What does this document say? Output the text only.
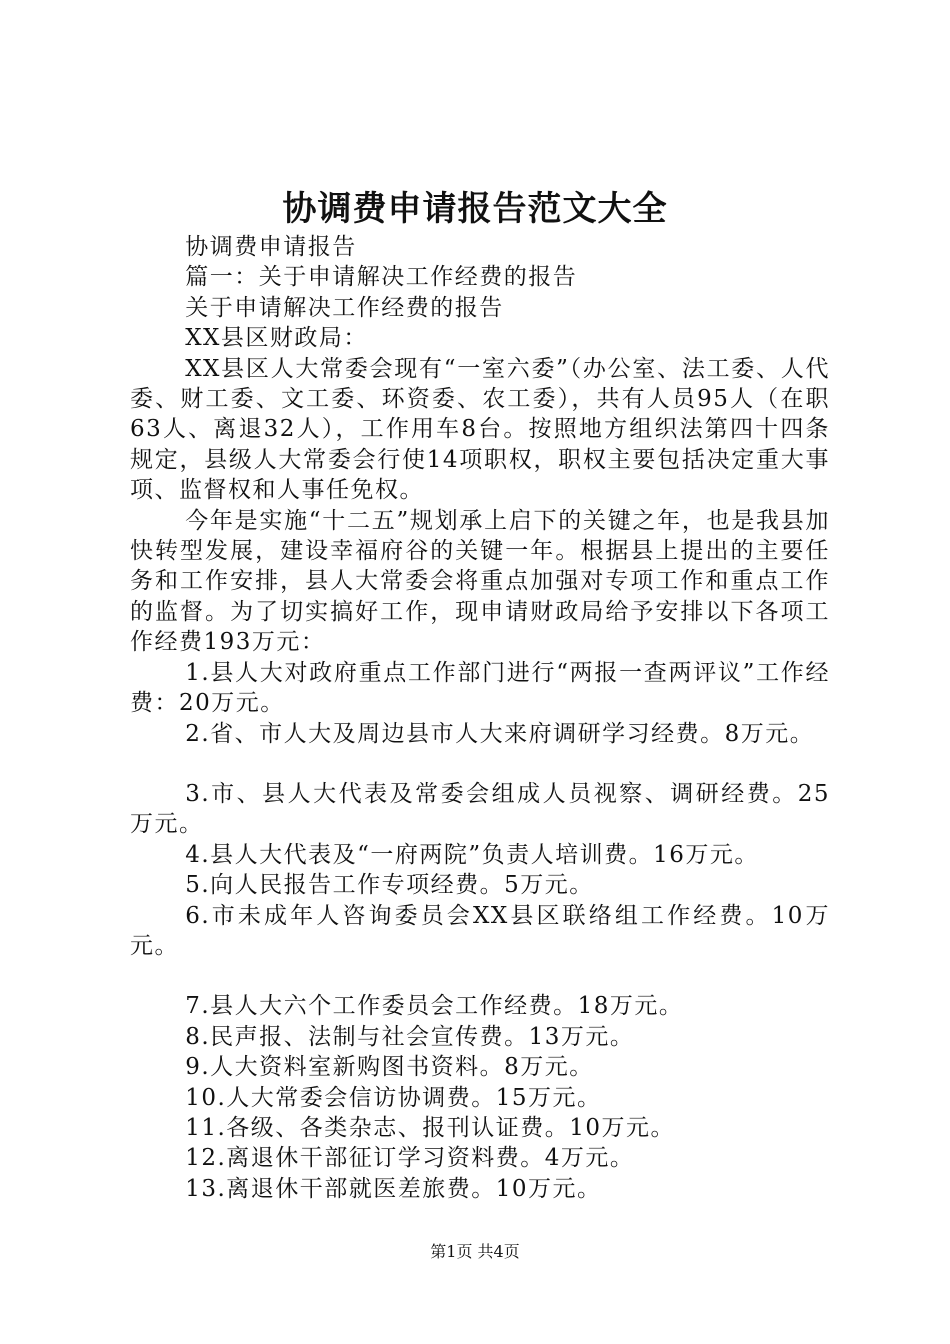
协调费申请报告范文大全

协调费申请报告

篇一：关于申请解决工作经费的报告

关于申请解决工作经费的报告

XX县区财政局：

XX县区人大常委会现有“一室六委”（办公室、法工委、人代委、财工委、文工委、环资委、农工委），共有人员95人（在职63人、离退32人），工作用车8台。按照地方组织法第四十四条规定，县级人大常委会行使14项职权，职权主要包括决定重大事项、监督权和人事任免权。

今年是实施“十二五”规划承上启下的关键之年，也是我县加快转型发展，建设幸福府谷的关键一年。根据县上提出的主要任务和工作安排，县人大常委会将重点加强对专项工作和重点工作的监督。为了切实搞好工作，现申请财政局给予安排以下各项工作经费193万元：

1.县人大对政府重点工作部门进行“两报一查两评议”工作经费：20万元。

2.省、市人大及周边县市人大来府调研学习经费。8万元。

3.市、县人大代表及常委会组成人员视察、调研经费。25万元。

4.县人大代表及“一府两院”负责人培训费。16万元。

5.向人民报告工作专项经费。5万元。

6.市未成年人咨询委员会XX县区联络组工作经费。10万元。

7.县人大六个工作委员会工作经费。18万元。

8.民声报、法制与社会宣传费。13万元。

9.人大资料室新购图书资料。8万元。

10.人大常委会信访协调费。15万元。

11.各级、各类杂志、报刊认证费。10万元。

12.离退休干部征订学习资料费。4万元。

13.离退休干部就医差旅费。10万元。

第1页 共4页
